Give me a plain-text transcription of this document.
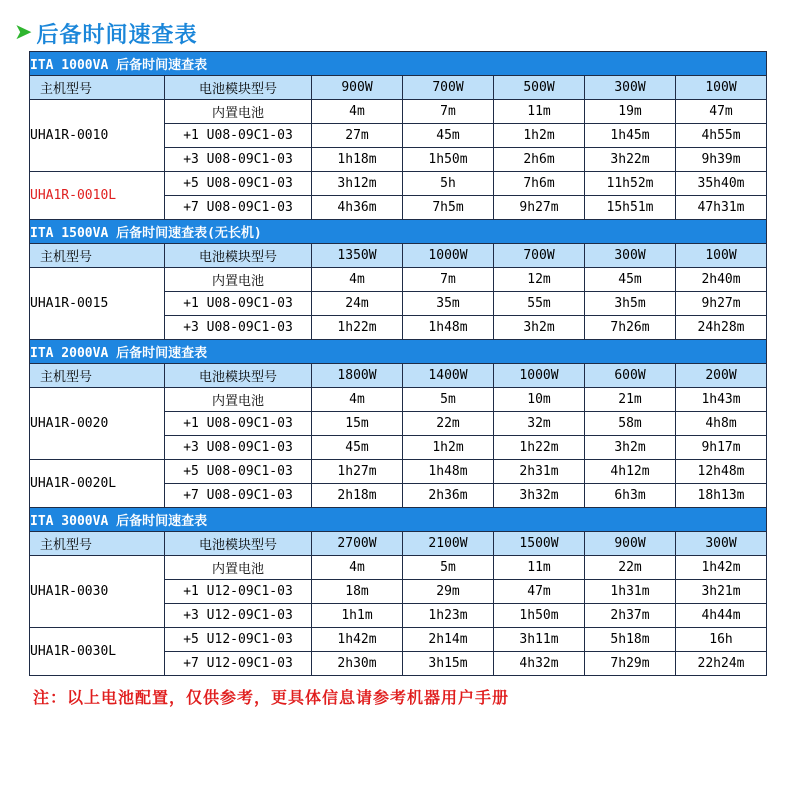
➤ 后备时间速查表
ITA 1000VA 后备时间速查表						
主机型号	电池模块型号	900W	700W	500W	300W	100W
UHA1R-0010	内置电池	4m	7m	11m	19m	47m
	+1 U08-09C1-03	27m	45m	1h2m	1h45m	4h55m
	+3 U08-09C1-03	1h18m	1h50m	2h6m	3h22m	9h39m
UHA1R-0010L	+5 U08-09C1-03	3h12m	5h	7h6m	11h52m	35h40m
	+7 U08-09C1-03	4h36m	7h5m	9h27m	15h51m	47h31m
ITA 1500VA 后备时间速查表(无长机)						
主机型号	电池模块型号	1350W	1000W	700W	300W	100W
UHA1R-0015	内置电池	4m	7m	12m	45m	2h40m
	+1 U08-09C1-03	24m	35m	55m	3h5m	9h27m
	+3 U08-09C1-03	1h22m	1h48m	3h2m	7h26m	24h28m
ITA 2000VA 后备时间速查表						
主机型号	电池模块型号	1800W	1400W	1000W	600W	200W
UHA1R-0020	内置电池	4m	5m	10m	21m	1h43m
	+1 U08-09C1-03	15m	22m	32m	58m	4h8m
	+3 U08-09C1-03	45m	1h2m	1h22m	3h2m	9h17m
UHA1R-0020L	+5 U08-09C1-03	1h27m	1h48m	2h31m	4h12m	12h48m
	+7 U08-09C1-03	2h18m	2h36m	3h32m	6h3m	18h13m
ITA 3000VA 后备时间速查表						
主机型号	电池模块型号	2700W	2100W	1500W	900W	300W
UHA1R-0030	内置电池	4m	5m	11m	22m	1h42m
	+1 U12-09C1-03	18m	29m	47m	1h31m	3h21m
	+3 U12-09C1-03	1h1m	1h23m	1h50m	2h37m	4h44m
UHA1R-0030L	+5 U12-09C1-03	1h42m	2h14m	3h11m	5h18m	16h
	+7 U12-09C1-03	2h30m	3h15m	4h32m	7h29m	22h24m
注：以上电池配置，仅供参考，更具体信息请参考机器用户手册
